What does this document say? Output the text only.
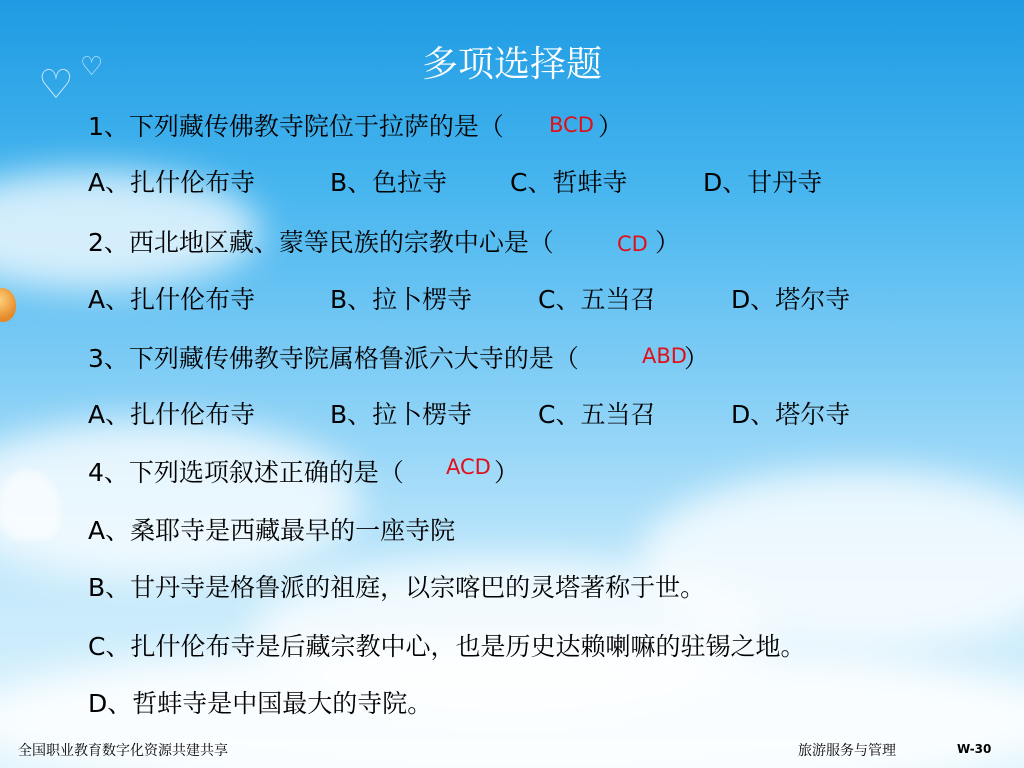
♡ ♡	多项选择题
1、下列藏传佛教寺院位于拉萨的是（ BCD ）
A、扎什伦布寺	B、色拉寺	C、哲蚌寺	D、甘丹寺
2、西北地区藏、蒙等民族的宗教中心是（	CD ）
A、扎什伦布寺	B、拉卜楞寺	C、五当召	D、塔尔寺
3、下列藏传佛教寺院属格鲁派六大寺的是（	ABD
）
A、扎什伦布寺	B、拉卜楞寺	C、五当召	D、塔尔寺
4、下列选项叙述正确的是（ ACD ）
A、桑耶寺是西藏最早的一座寺院
B、甘丹寺是格鲁派的祖庭，以宗喀巴的灵塔著称于世。
C、扎什伦布寺是后藏宗教中心，也是历史达赖喇嘛的驻锡之地。
D、哲蚌寺是中国最大的寺院。
全国职业教育数字化资源共建共享	旅游服务与管理	W-30
